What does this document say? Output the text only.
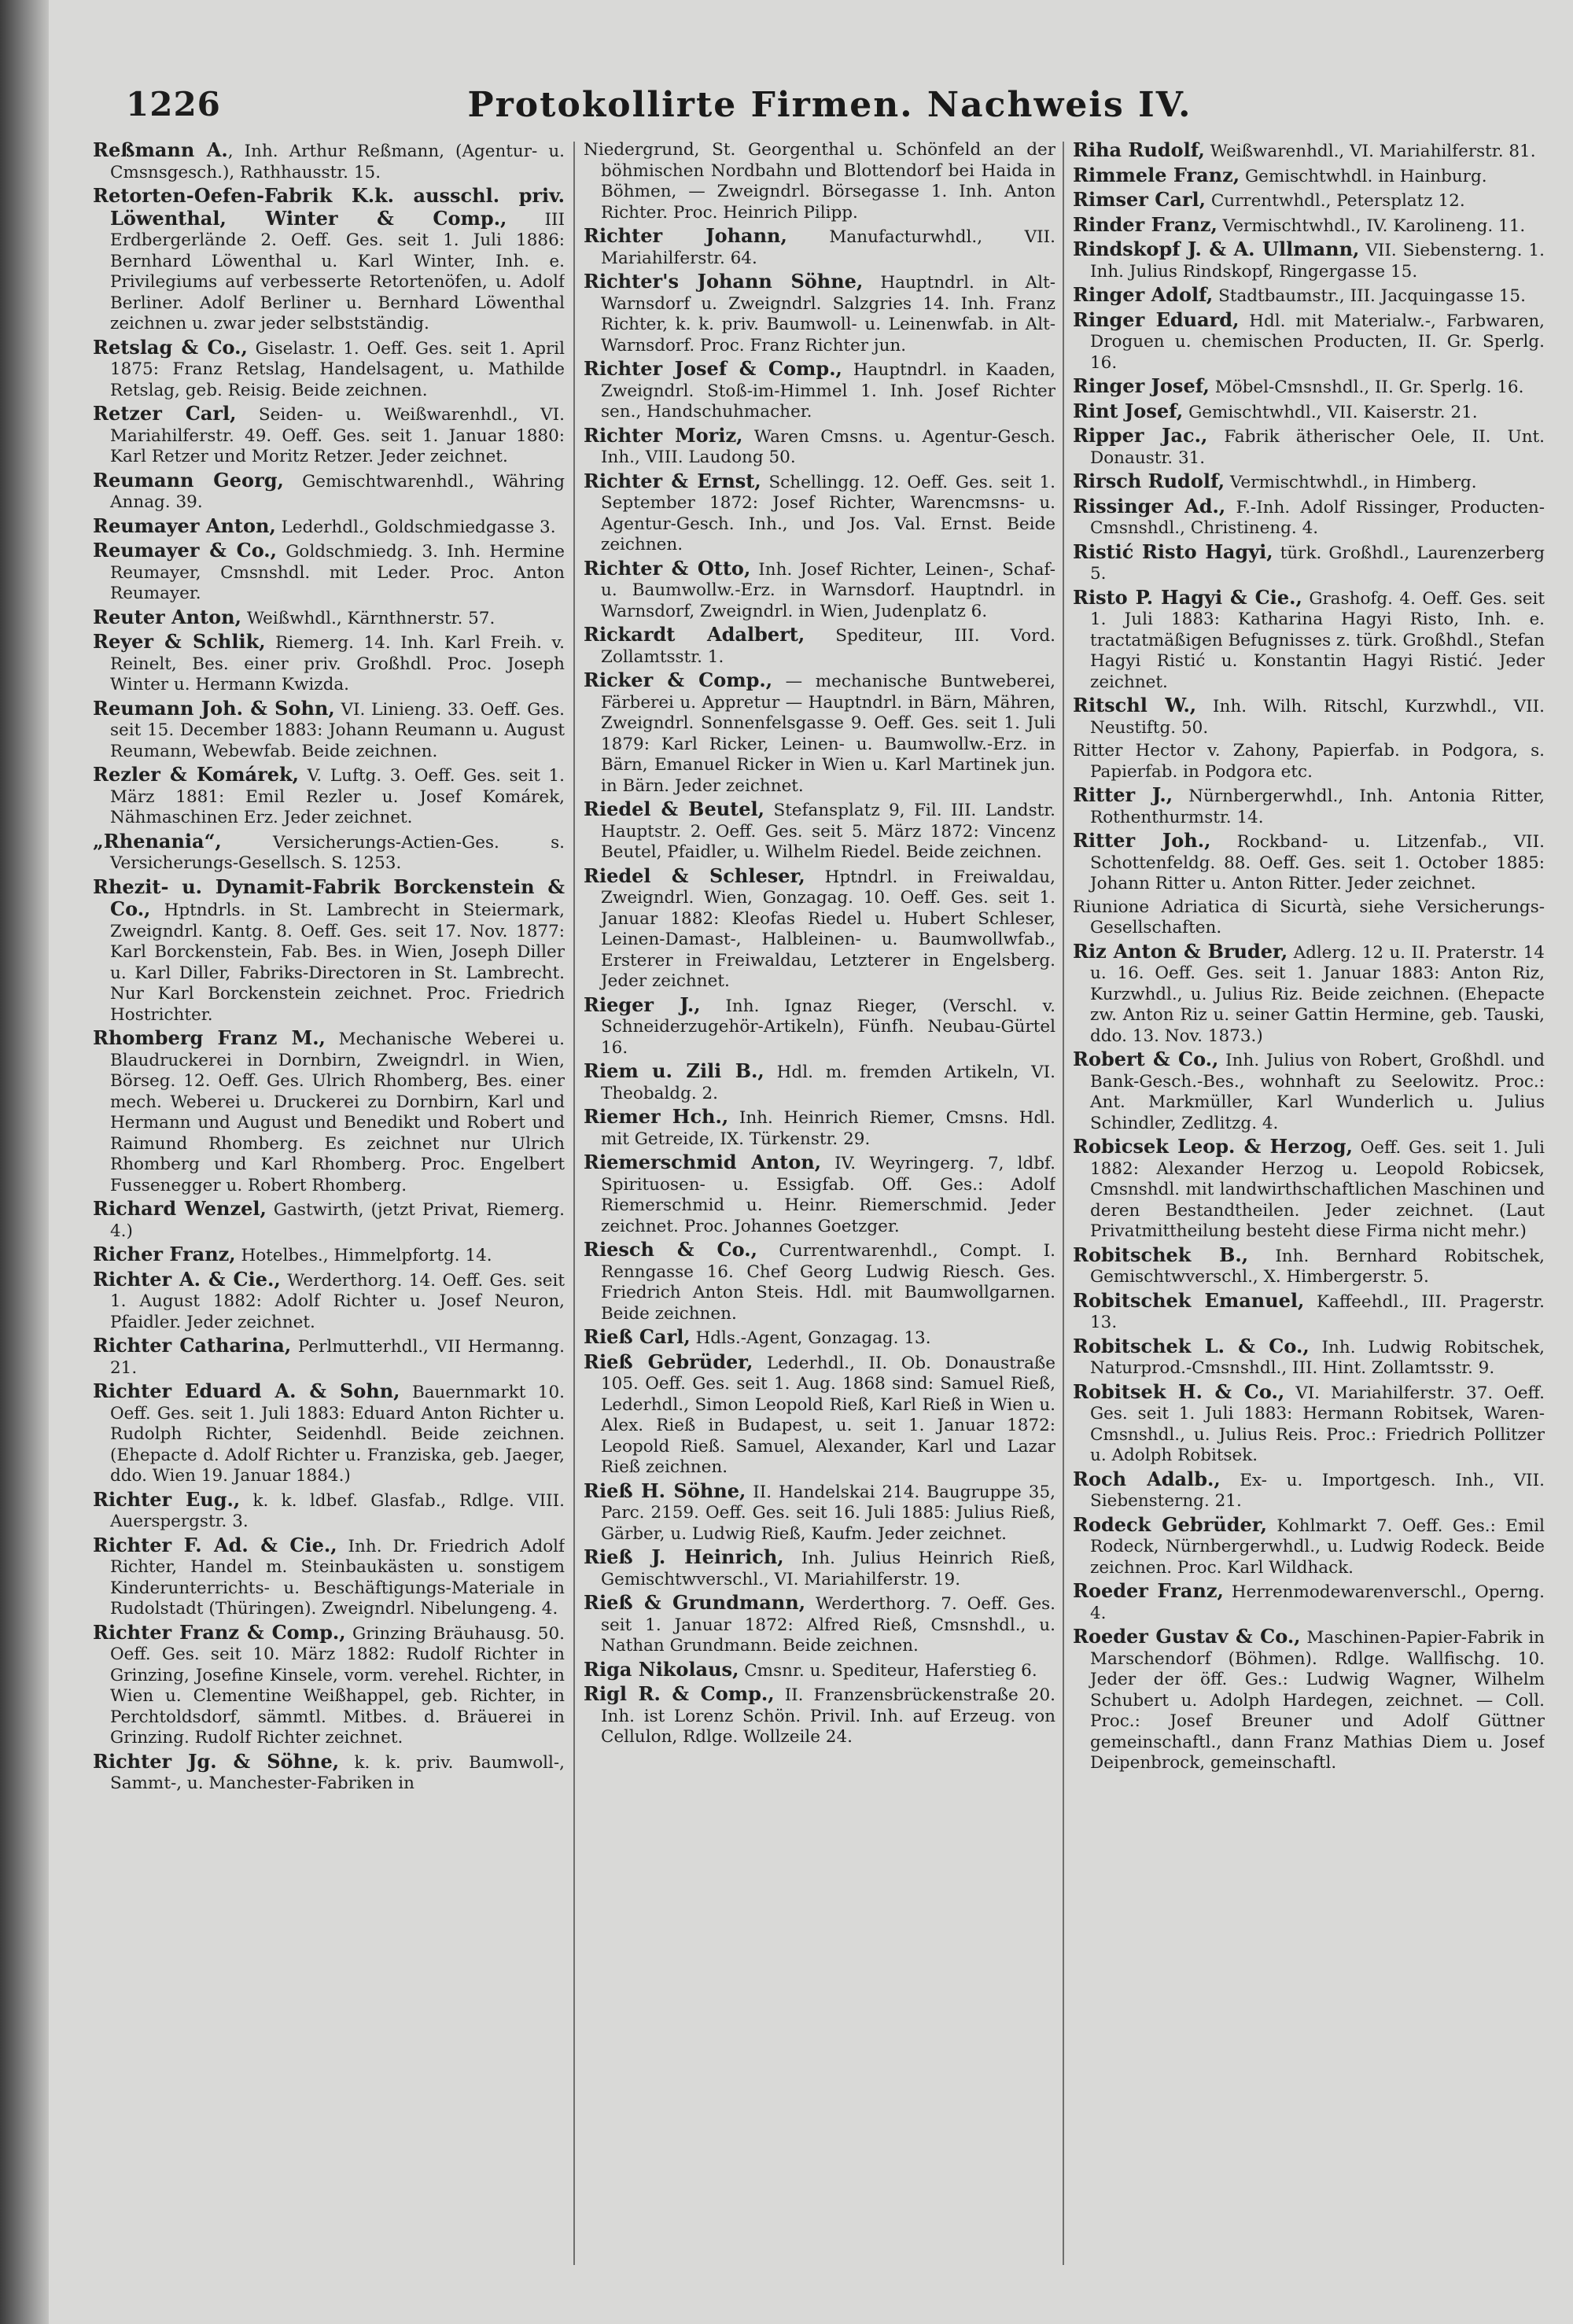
1226	Protokollirte Firmen. Nachweis IV.

Reßmann A., Inh. Arthur Reßmann, (Agentur- u. Cmsnsgesch.), Rathhausstr. 15.

Retorten-Oefen-Fabrik K.k. ausschl. priv. Löwenthal, Winter & Comp., III Erdbergerlände 2. Oeff. Ges. seit 1. Juli 1886: Bernhard Löwenthal u. Karl Winter, Inh. e. Privilegiums auf verbesserte Retortenöfen, u. Adolf Berliner. Adolf Berliner u. Bernhard Löwenthal zeichnen u. zwar jeder selbstständig.

Retslag & Co., Giselastr. 1. Oeff. Ges. seit 1. April 1875: Franz Retslag, Handelsagent, u. Mathilde Retslag, geb. Reisig. Beide zeichnen.

Retzer Carl, Seiden- u. Weißwarenhdl., VI. Mariahilferstr. 49. Oeff. Ges. seit 1. Januar 1880: Karl Retzer und Moritz Retzer. Jeder zeichnet.

Reumann Georg, Gemischtwarenhdl., Währing Annag. 39.

Reumayer Anton, Lederhdl., Goldschmiedgasse 3.

Reumayer & Co., Goldschmiedg. 3. Inh. Hermine Reumayer, Cmsnshdl. mit Leder. Proc. Anton Reumayer.

Reuter Anton, Weißwhdl., Kärnthnerstr. 57.

Reyer & Schlik, Riemerg. 14. Inh. Karl Freih. v. Reinelt, Bes. einer priv. Großhdl. Proc. Joseph Winter u. Hermann Kwizda.

Reumann Joh. & Sohn, VI. Linieng. 33. Oeff. Ges. seit 15. December 1883: Johann Reumann u. August Reumann, Webewfab. Beide zeichnen.

Rezler & Komárek, V. Luftg. 3. Oeff. Ges. seit 1. März 1881: Emil Rezler u. Josef Komárek, Nähmaschinen Erz. Jeder zeichnet.

„Rhenania“, Versicherungs-Actien-Ges. s. Versicherungs-Gesellsch. S. 1253.

Rhezit- u. Dynamit-Fabrik Borckenstein & Co., Hptndrls. in St. Lambrecht in Steiermark, Zweigndrl. Kantg. 8. Oeff. Ges. seit 17. Nov. 1877: Karl Borckenstein, Fab. Bes. in Wien, Joseph Diller u. Karl Diller, Fabriks-Directoren in St. Lambrecht. Nur Karl Borckenstein zeichnet. Proc. Friedrich Hostrichter.

Rhomberg Franz M., Mechanische Weberei u. Blaudruckerei in Dornbirn, Zweigndrl. in Wien, Börseg. 12. Oeff. Ges. Ulrich Rhomberg, Bes. einer mech. Weberei u. Druckerei zu Dornbirn, Karl und Hermann und August und Benedikt und Robert und Raimund Rhomberg. Es zeichnet nur Ulrich Rhomberg und Karl Rhomberg. Proc. Engelbert Fussenegger u. Robert Rhomberg.

Richard Wenzel, Gastwirth, (jetzt Privat, Riemerg. 4.)

Richer Franz, Hotelbes., Himmelpfortg. 14.

Richter A. & Cie., Werderthorg. 14. Oeff. Ges. seit 1. August 1882: Adolf Richter u. Josef Neuron, Pfaidler. Jeder zeichnet.

Richter Catharina, Perlmutterhdl., VII Hermanng. 21.

Richter Eduard A. & Sohn, Bauernmarkt 10. Oeff. Ges. seit 1. Juli 1883: Eduard Anton Richter u. Rudolph Richter, Seidenhdl. Beide zeichnen. (Ehepacte d. Adolf Richter u. Franziska, geb. Jaeger, ddo. Wien 19. Januar 1884.)

Richter Eug., k. k. ldbef. Glasfab., Rdlge. VIII. Auerspergstr. 3.

Richter F. Ad. & Cie., Inh. Dr. Friedrich Adolf Richter, Handel m. Steinbaukästen u. sonstigem Kinderunterrichts- u. Beschäftigungs-Materiale in Rudolstadt (Thüringen). Zweigndrl. Nibelungeng. 4.

Richter Franz & Comp., Grinzing Bräuhausg. 50. Oeff. Ges. seit 10. März 1882: Rudolf Richter in Grinzing, Josefine Kinsele, vorm. verehel. Richter, in Wien u. Clementine Weißhappel, geb. Richter, in Perchtoldsdorf, sämmtl. Mitbes. d. Bräuerei in Grinzing. Rudolf Richter zeichnet.

Richter Jg. & Söhne, k. k. priv. Baumwoll-, Sammt-, u. Manchester-Fabriken in

Niedergrund, St. Georgenthal u. Schönfeld an der böhmischen Nordbahn und Blottendorf bei Haida in Böhmen, — Zweigndrl. Börsegasse 1. Inh. Anton Richter. Proc. Heinrich Pilipp.

Richter Johann, Manufacturwhdl., VII. Mariahilferstr. 64.

Richter's Johann Söhne, Hauptndrl. in Alt-Warnsdorf u. Zweigndrl. Salzgries 14. Inh. Franz Richter, k. k. priv. Baumwoll- u. Leinenwfab. in Alt-Warnsdorf. Proc. Franz Richter jun.

Richter Josef & Comp., Hauptndrl. in Kaaden, Zweigndrl. Stoß-im-Himmel 1. Inh. Josef Richter sen., Handschuhmacher.

Richter Moriz, Waren Cmsns. u. Agentur-Gesch. Inh., VIII. Laudong 50.

Richter & Ernst, Schellingg. 12. Oeff. Ges. seit 1. September 1872: Josef Richter, Warencmsns- u. Agentur-Gesch. Inh., und Jos. Val. Ernst. Beide zeichnen.

Richter & Otto, Inh. Josef Richter, Leinen-, Schaf- u. Baumwollw.-Erz. in Warnsdorf. Hauptndrl. in Warnsdorf, Zweigndrl. in Wien, Judenplatz 6.

Rickardt Adalbert, Spediteur, III. Vord. Zollamtsstr. 1.

Ricker & Comp., — mechanische Buntweberei, Färberei u. Appretur — Hauptndrl. in Bärn, Mähren, Zweigndrl. Sonnenfelsgasse 9. Oeff. Ges. seit 1. Juli 1879: Karl Ricker, Leinen- u. Baumwollw.-Erz. in Bärn, Emanuel Ricker in Wien u. Karl Martinek jun. in Bärn. Jeder zeichnet.

Riedel & Beutel, Stefansplatz 9, Fil. III. Landstr. Hauptstr. 2. Oeff. Ges. seit 5. März 1872: Vincenz Beutel, Pfaidler, u. Wilhelm Riedel. Beide zeichnen.

Riedel & Schleser, Hptndrl. in Freiwaldau, Zweigndrl. Wien, Gonzagag. 10. Oeff. Ges. seit 1. Januar 1882: Kleofas Riedel u. Hubert Schleser, Leinen-Damast-, Halbleinen- u. Baumwollwfab., Ersterer in Freiwaldau, Letzterer in Engelsberg. Jeder zeichnet.

Rieger J., Inh. Ignaz Rieger, (Verschl. v. Schneiderzugehör-Artikeln), Fünfh. Neubau-Gürtel 16.

Riem u. Zili B., Hdl. m. fremden Artikeln, VI. Theobaldg. 2.

Riemer Hch., Inh. Heinrich Riemer, Cmsns. Hdl. mit Getreide, IX. Türkenstr. 29.

Riemerschmid Anton, IV. Weyringerg. 7, ldbf. Spirituosen- u. Essigfab. Off. Ges.: Adolf Riemerschmid u. Heinr. Riemerschmid. Jeder zeichnet. Proc. Johannes Goetzger.

Riesch & Co., Currentwarenhdl., Compt. I. Renngasse 16. Chef Georg Ludwig Riesch. Ges. Friedrich Anton Steis. Hdl. mit Baumwollgarnen. Beide zeichnen.

Rieß Carl, Hdls.-Agent, Gonzagag. 13.

Rieß Gebrüder, Lederhdl., II. Ob. Donaustraße 105. Oeff. Ges. seit 1. Aug. 1868 sind: Samuel Rieß, Lederhdl., Simon Leopold Rieß, Karl Rieß in Wien u. Alex. Rieß in Budapest, u. seit 1. Januar 1872: Leopold Rieß. Samuel, Alexander, Karl und Lazar Rieß zeichnen.

Rieß H. Söhne, II. Handelskai 214. Baugruppe 35, Parc. 2159. Oeff. Ges. seit 16. Juli 1885: Julius Rieß, Gärber, u. Ludwig Rieß, Kaufm. Jeder zeichnet.

Rieß J. Heinrich, Inh. Julius Heinrich Rieß, Gemischtwverschl., VI. Mariahilferstr. 19.

Rieß & Grundmann, Werderthorg. 7. Oeff. Ges. seit 1. Januar 1872: Alfred Rieß, Cmsnshdl., u. Nathan Grundmann. Beide zeichnen.

Riga Nikolaus, Cmsnr. u. Spediteur, Haferstieg 6.

Rigl R. & Comp., II. Franzensbrückenstraße 20. Inh. ist Lorenz Schön. Privil. Inh. auf Erzeug. von Cellulon, Rdlge. Wollzeile 24.

Riha Rudolf, Weißwarenhdl., VI. Mariahilferstr. 81.

Rimmele Franz, Gemischtwhdl. in Hainburg.

Rimser Carl, Currentwhdl., Petersplatz 12.

Rinder Franz, Vermischtwhdl., IV. Karolineng. 11.

Rindskopf J. & A. Ullmann, VII. Siebensterng. 1. Inh. Julius Rindskopf, Ringergasse 15.

Ringer Adolf, Stadtbaumstr., III. Jacquingasse 15.

Ringer Eduard, Hdl. mit Materialw.-, Farbwaren, Droguen u. chemischen Producten, II. Gr. Sperlg. 16.

Ringer Josef, Möbel-Cmsnshdl., II. Gr. Sperlg. 16.

Rint Josef, Gemischtwhdl., VII. Kaiserstr. 21.

Ripper Jac., Fabrik ätherischer Oele, II. Unt. Donaustr. 31.

Rirsch Rudolf, Vermischtwhdl., in Himberg.

Rissinger Ad., F.-Inh. Adolf Rissinger, Producten-Cmsnshdl., Christineng. 4.

Ristić Risto Hagyi, türk. Großhdl., Laurenzerberg 5.

Risto P. Hagyi & Cie., Grashofg. 4. Oeff. Ges. seit 1. Juli 1883: Katharina Hagyi Risto, Inh. e. tractatmäßigen Befugnisses z. türk. Großhdl., Stefan Hagyi Ristić u. Konstantin Hagyi Ristić. Jeder zeichnet.

Ritschl W., Inh. Wilh. Ritschl, Kurzwhdl., VII. Neustiftg. 50.

Ritter Hector v. Zahony, Papierfab. in Podgora, s. Papierfab. in Podgora etc.

Ritter J., Nürnbergerwhdl., Inh. Antonia Ritter, Rothenthurmstr. 14.

Ritter Joh., Rockband- u. Litzenfab., VII. Schottenfeldg. 88. Oeff. Ges. seit 1. October 1885: Johann Ritter u. Anton Ritter. Jeder zeichnet.

Riunione Adriatica di Sicurtà, siehe Versicherungs-Gesellschaften.

Riz Anton & Bruder, Adlerg. 12 u. II. Praterstr. 14 u. 16. Oeff. Ges. seit 1. Januar 1883: Anton Riz, Kurzwhdl., u. Julius Riz. Beide zeichnen. (Ehepacte zw. Anton Riz u. seiner Gattin Hermine, geb. Tauski, ddo. 13. Nov. 1873.)

Robert & Co., Inh. Julius von Robert, Großhdl. und Bank-Gesch.-Bes., wohnhaft zu Seelowitz. Proc.: Ant. Markmüller, Karl Wunderlich u. Julius Schindler, Zedlitzg. 4.

Robicsek Leop. & Herzog, Oeff. Ges. seit 1. Juli 1882: Alexander Herzog u. Leopold Robicsek, Cmsnshdl. mit landwirthschaftlichen Maschinen und deren Bestandtheilen. Jeder zeichnet. (Laut Privatmittheilung besteht diese Firma nicht mehr.)

Robitschek B., Inh. Bernhard Robitschek, Gemischtwverschl., X. Himbergerstr. 5.

Robitschek Emanuel, Kaffeehdl., III. Pragerstr. 13.

Robitschek L. & Co., Inh. Ludwig Robitschek, Naturprod.-Cmsnshdl., III. Hint. Zollamtsstr. 9.

Robitsek H. & Co., VI. Mariahilferstr. 37. Oeff. Ges. seit 1. Juli 1883: Hermann Robitsek, Waren-Cmsnshdl., u. Julius Reis. Proc.: Friedrich Pollitzer u. Adolph Robitsek.

Roch Adalb., Ex- u. Importgesch. Inh., VII. Siebensterng. 21.

Rodeck Gebrüder, Kohlmarkt 7. Oeff. Ges.: Emil Rodeck, Nürnbergerwhdl., u. Ludwig Rodeck. Beide zeichnen. Proc. Karl Wildhack.

Roeder Franz, Herrenmodewarenverschl., Operng. 4.

Roeder Gustav & Co., Maschinen-Papier-Fabrik in Marschendorf (Böhmen). Rdlge. Wallfischg. 10. Jeder der öff. Ges.: Ludwig Wagner, Wilhelm Schubert u. Adolph Hardegen, zeichnet. — Coll. Proc.: Josef Breuner und Adolf Güttner gemeinschaftl., dann Franz Mathias Diem u. Josef Deipenbrock, gemeinschaftl.
